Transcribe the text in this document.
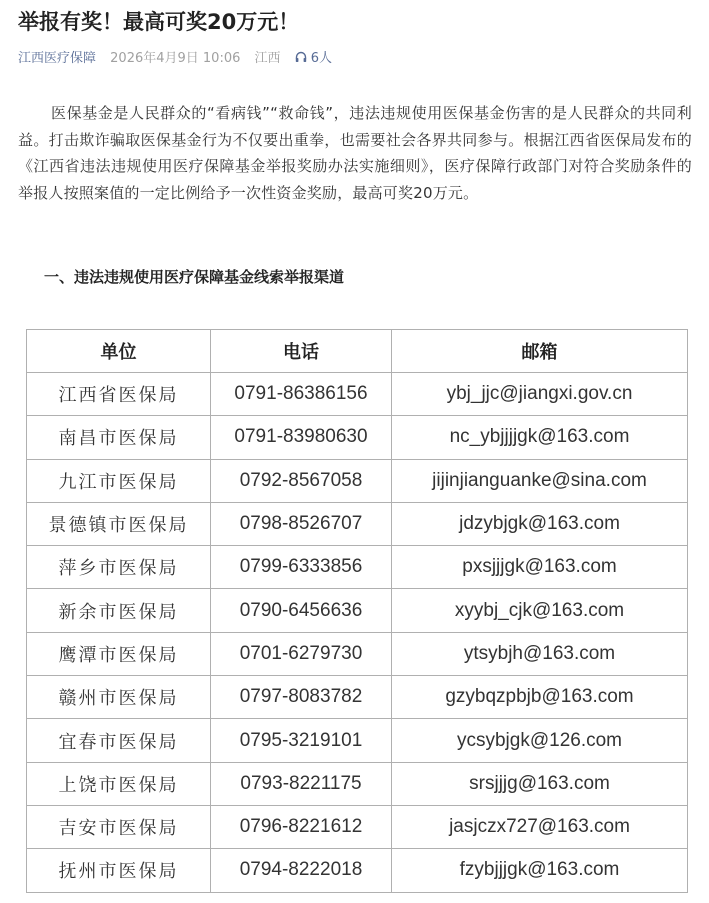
举报有奖！最高可奖20万元！
江西医疗保障 2026年4月9日 10:06 江西 6人

医保基金是人民群众的“看病钱”“救命钱”，违法违规使用医保基金伤害的是人民群众的共同利益。打击欺诈骗取医保基金行为不仅要出重拳，也需要社会各界共同参与。根据江西省医保局发布的《江西省违法违规使用医疗保障基金举报奖励办法实施细则》，医疗保障行政部门对符合奖励条件的举报人按照案值的一定比例给予一次性资金奖励，最高可奖20万元。

一、违法违规使用医疗保障基金线索举报渠道
单位	电话	邮箱
江西省医保局	0791-86386156	ybj_jjc@jiangxi.gov.cn
南昌市医保局	0791-83980630	nc_ybjjjjgk@163.com
九江市医保局	0792-8567058	jijinjianguanke@sina.com
景德镇市医保局	0798-8526707	jdzybjgk@163.com
萍乡市医保局	0799-6333856	pxsjjjgk@163.com
新余市医保局	0790-6456636	xyybj_cjk@163.com
鹰潭市医保局	0701-6279730	ytsybjh@163.com
赣州市医保局	0797-8083782	gzybqzpbjb@163.com
宜春市医保局	0795-3219101	ycsybjgk@126.com
上饶市医保局	0793-8221175	srsjjjg@163.com
吉安市医保局	0796-8221612	jasjczx727@163.com
抚州市医保局	0794-8222018	fzybjjjgk@163.com
